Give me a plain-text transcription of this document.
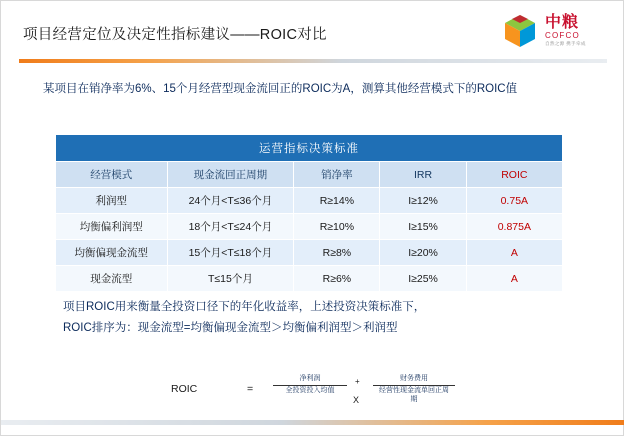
项目经营定位及决定性指标建议——ROIC对比
中粮
COFCO
自然之源 携手牵成
某项目在销净率为6%、15个月经营型现金流回正的ROIC为A，测算其他经营模式下的ROIC值
运营指标决策标准				
经营模式	现金流回正周期	销净率	IRR	ROIC
利润型	24个月<T≤36个月	R≥14%	I≥12%	0.75A
均衡偏利润型	18个月<T≤24个月	R≥10%	I≥15%	0.875A
均衡偏现金流型	15个月<T≤18个月	R≥8%	I≥20%	A
现金流型	T≤15个月	R≥6%	I≥25%	A
项目ROIC用来衡量全投资口径下的年化收益率，上述投资决策标准下，
ROIC排序为：现金流型=均衡偏现金流型＞均衡偏利润型＞利润型
ROIC	=
净利润
全投资投入均值
+
X
财务费用
经营性现金流单回正周期
